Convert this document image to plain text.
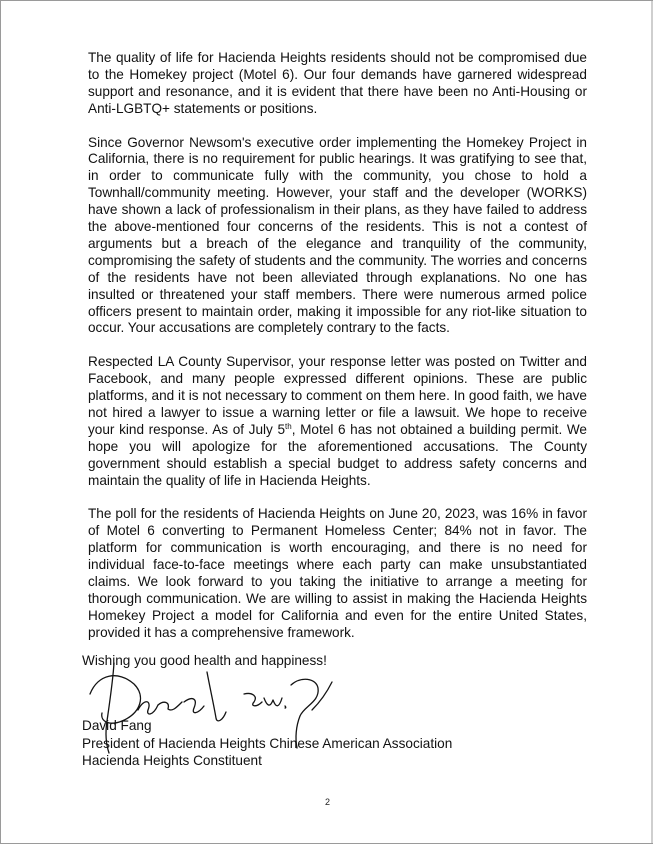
The quality of life for Hacienda Heights residents should not be compromised due to the Homekey project (Motel 6). Our four demands have garnered widespread support and resonance, and it is evident that there have been no Anti-Housing or Anti-LGBTQ+ statements or positions.

Since Governor Newsom's executive order implementing the Homekey Project in California, there is no requirement for public hearings. It was gratifying to see that, in order to communicate fully with the community, you chose to hold a Townhall/community meeting. However, your staff and the developer (WORKS) have shown a lack of professionalism in their plans, as they have failed to address the above-mentioned four concerns of the residents. This is not a contest of arguments but a breach of the elegance and tranquility of the community, compromising the safety of students and the community. The worries and concerns of the residents have not been alleviated through explanations. No one has insulted or threatened your staff members. There were numerous armed police officers present to maintain order, making it impossible for any riot-like situation to occur. Your accusations are completely contrary to the facts.

Respected LA County Supervisor, your response letter was posted on Twitter and Facebook, and many people expressed different opinions. These are public platforms, and it is not necessary to comment on them here. In good faith, we have not hired a lawyer to issue a warning letter or file a lawsuit. We hope to receive your kind response. As of July 5th, Motel 6 has not obtained a building permit. We hope you will apologize for the aforementioned accusations. The County government should establish a special budget to address safety concerns and maintain the quality of life in Hacienda Heights.

The poll for the residents of Hacienda Heights on June 20, 2023, was 16% in favor of Motel 6 converting to Permanent Homeless Center; 84% not in favor. The platform for communication is worth encouraging, and there is no need for individual face-to-face meetings where each party can make unsubstantiated claims. We look forward to you taking the initiative to arrange a meeting for thorough communication. We are willing to assist in making the Hacienda Heights Homekey Project a model for California and even for the entire United States, provided it has a comprehensive framework.

Wishing you good health and happiness!

David Fang
President of Hacienda Heights Chinese American Association
Hacienda Heights Constituent
2
